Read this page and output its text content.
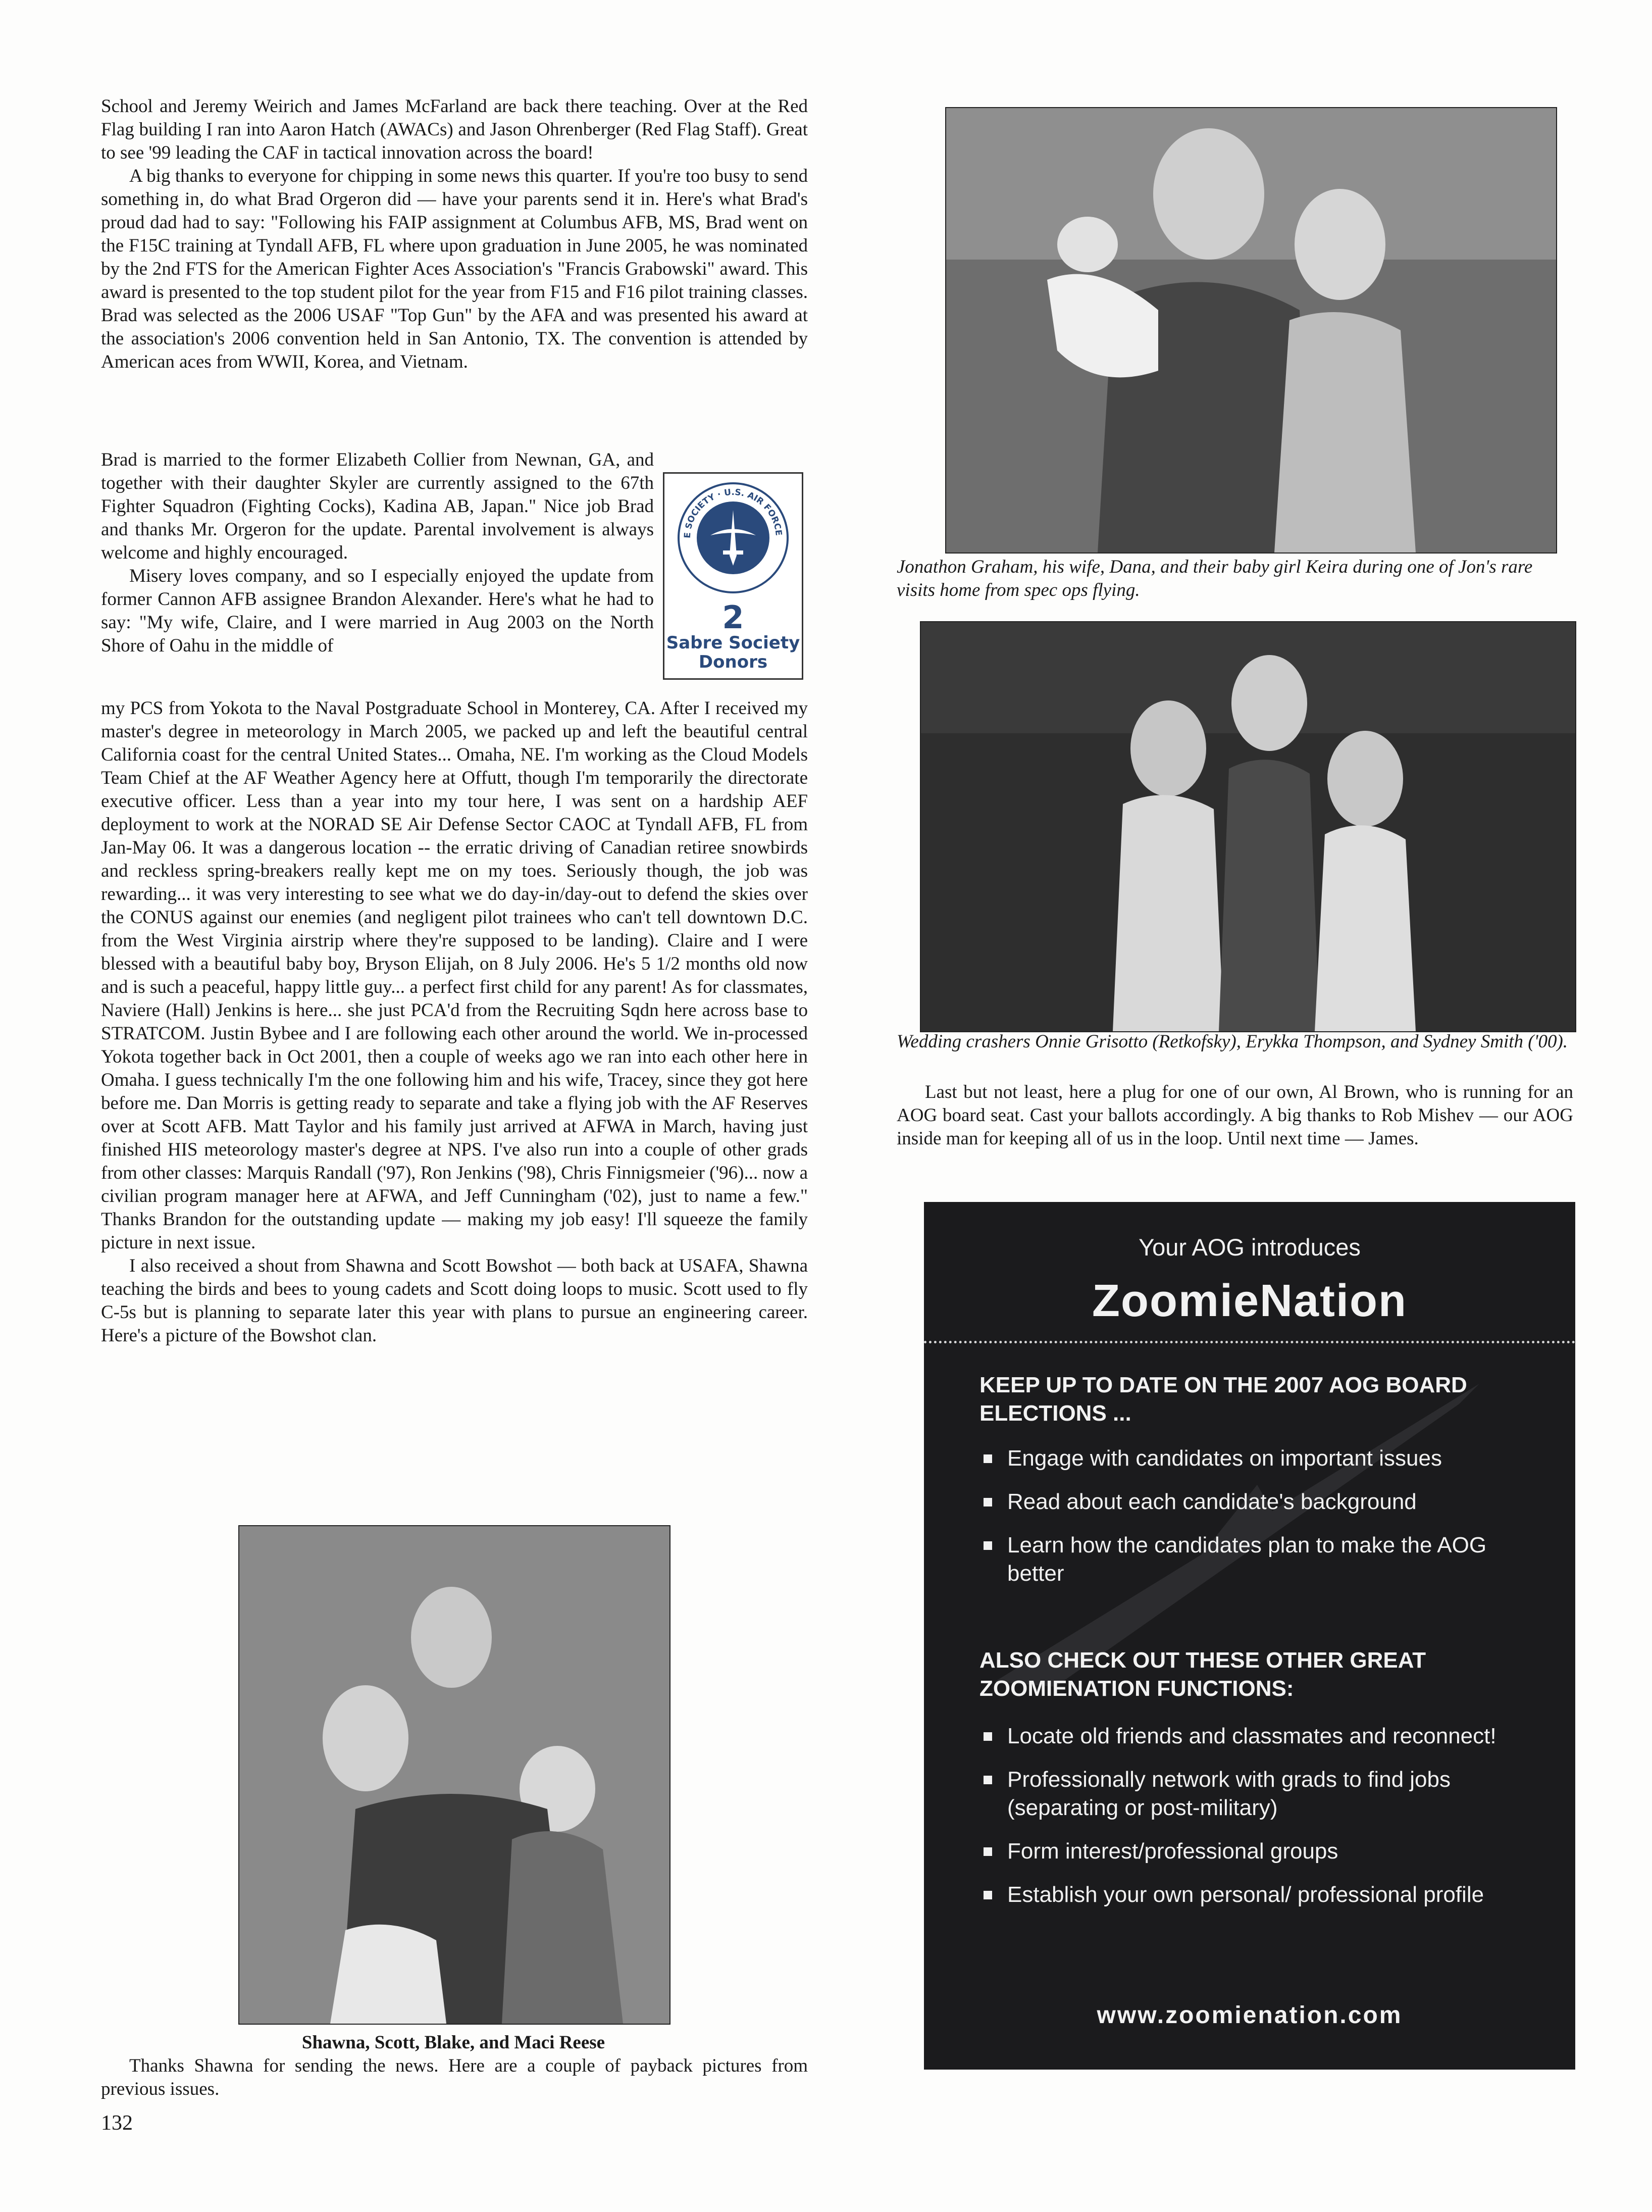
School and Jeremy Weirich and James McFarland are back there teaching. Over at the Red Flag building I ran into Aaron Hatch (AWACs) and Jason Ohrenberger (Red Flag Staff). Great to see '99 leading the CAF in tactical innovation across the board!

A big thanks to everyone for chipping in some news this quarter. If you're too busy to send something in, do what Brad Orgeron did — have your parents send it in. Here's what Brad's proud dad had to say: "Following his FAIP assignment at Columbus AFB, MS, Brad went on the F15C training at Tyndall AFB, FL where upon graduation in June 2005, he was nominated by the 2nd FTS for the American Fighter Aces Association's "Francis Grabowski" award. This award is presented to the top student pilot for the year from F15 and F16 pilot training classes. Brad was selected as the 2006 USAF "Top Gun" by the AFA and was presented his award at the association's 2006 convention held in San Antonio, TX. The convention is attended by American aces from WWII, Korea, and Vietnam.

Brad is married to the former Elizabeth Collier from Newnan, GA, and together with their daughter Skyler are currently assigned to the 67th Fighter Squadron (Fighting Cocks), Kadina AB, Japan." Nice job Brad and thanks Mr. Orgeron for the update. Parental involvement is always welcome and highly encouraged.

Misery loves company, and so I especially enjoyed the update from former Cannon AFB assignee Brandon Alexander. Here's what he had to say: "My wife, Claire, and I were married in Aug 2003 on the North Shore of Oahu in the middle of

my PCS from Yokota to the Naval Postgraduate School in Monterey, CA. After I received my master's degree in meteorology in March 2005, we packed up and left the beautiful central California coast for the central United States... Omaha, NE. I'm working as the Cloud Models Team Chief at the AF Weather Agency here at Offutt, though I'm temporarily the directorate executive officer. Less than a year into my tour here, I was sent on a hardship AEF deployment to work at the NORAD SE Air Defense Sector CAOC at Tyndall AFB, FL from Jan-May 06. It was a dangerous location -- the erratic driving of Canadian retiree snowbirds and reckless spring-breakers really kept me on my toes. Seriously though, the job was rewarding... it was very interesting to see what we do day-in/day-out to defend the skies over the CONUS against our enemies (and negligent pilot trainees who can't tell downtown D.C. from the West Virginia airstrip where they're supposed to be landing). Claire and I were blessed with a beautiful baby boy, Bryson Elijah, on 8 July 2006. He's 5 1/2 months old now and is such a peaceful, happy little guy... a perfect first child for any parent! As for classmates, Naviere (Hall) Jenkins is here... she just PCA'd from the Recruiting Sqdn here across base to STRATCOM. Justin Bybee and I are following each other around the world. We in-processed Yokota together back in Oct 2001, then a couple of weeks ago we ran into each other here in Omaha. I guess technically I'm the one following him and his wife, Tracey, since they got here before me. Dan Morris is getting ready to separate and take a flying job with the AF Reserves over at Scott AFB. Matt Taylor and his family just arrived at AFWA in March, having just finished HIS meteorology master's degree at NPS. I've also run into a couple of other grads from other classes: Marquis Randall ('97), Ron Jenkins ('98), Chris Finnigsmeier ('96)... now a civilian program manager here at AFWA, and Jeff Cunningham ('02), just to name a few." Thanks Brandon for the outstanding update — making my job easy! I'll squeeze the family picture in next issue.

I also received a shout from Shawna and Scott Bowshot — both back at USAFA, Shawna teaching the birds and bees to young cadets and Scott doing loops to music. Scott used to fly C-5s but is planning to separate later this year with plans to pursue an engineering career. Here's a picture of the Bowshot clan.

E SOCIETY · U.S. AIR FORCE
2
Sabre Society
Donors

Shawna, Scott, Blake, and Maci Reese

Thanks Shawna for sending the news. Here are a couple of payback pictures from previous issues.

Jonathon Graham, his wife, Dana, and their baby girl Keira during one of Jon's rare visits home from spec ops flying.

Wedding crashers Onnie Grisotto (Retkofsky), Erykka Thompson, and Sydney Smith ('00).

Last but not least, here a plug for one of our own, Al Brown, who is running for an AOG board seat. Cast your ballots accordingly. A big thanks to Rob Mishev — our AOG inside man for keeping all of us in the loop. Until next time — James.

Your AOG introduces
ZoomieNation
KEEP UP TO DATE ON THE 2007 AOG BOARD ELECTIONS ...
Engage with candidates on important issues
Read about each candidate's background
Learn how the candidates plan to make the AOG better
ALSO CHECK OUT THESE OTHER GREAT ZOOMIENATION FUNCTIONS:
Locate old friends and classmates and reconnect!
Professionally network with grads to find jobs (separating or post-military)
Form interest/professional groups
Establish your own personal/ professional profile
www.zoomienation.com
132
